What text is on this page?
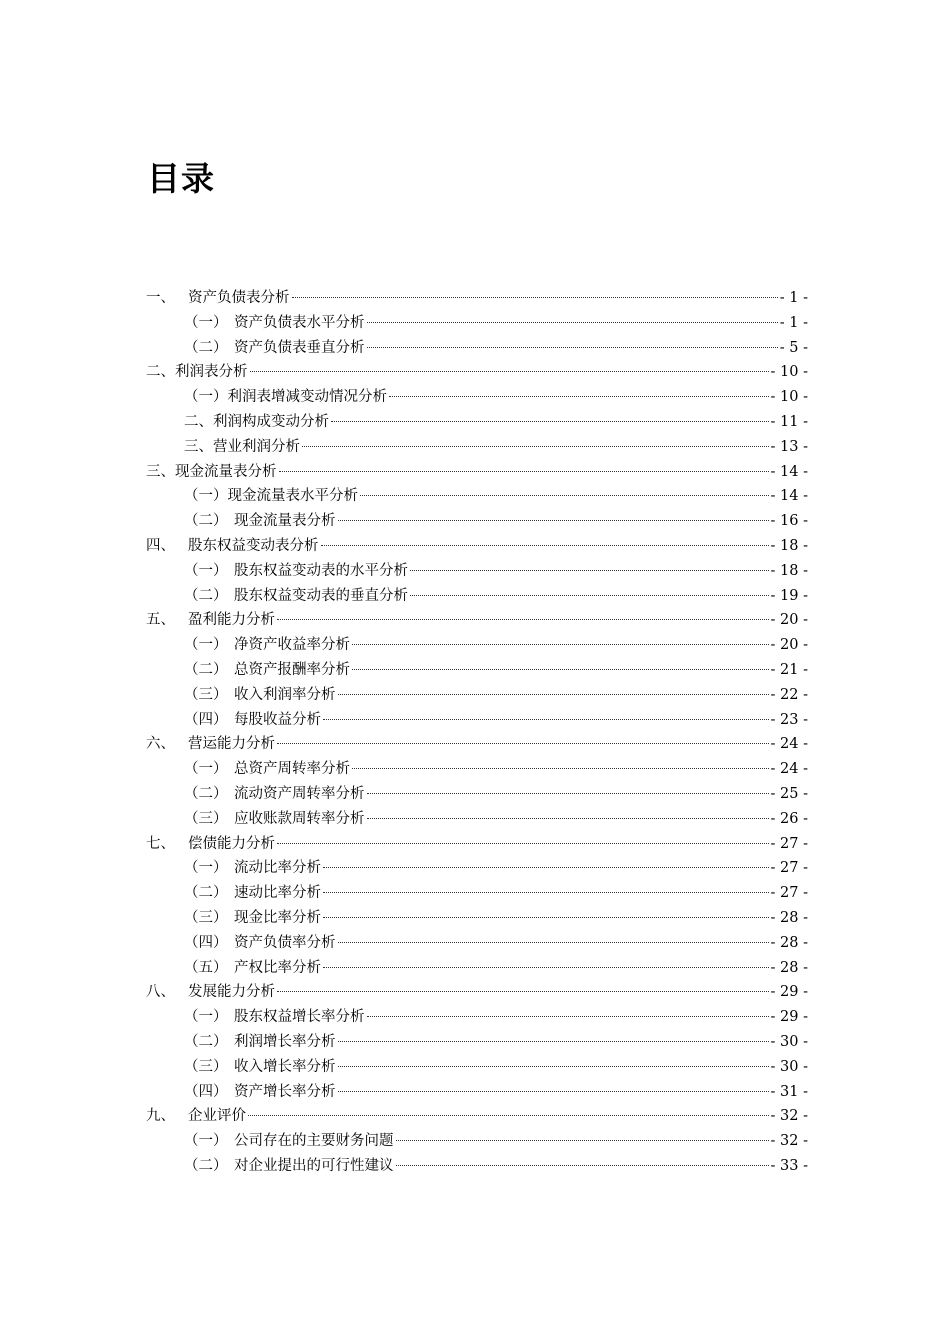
目录
一、 资产负债表分析	- 1 -
（一） 资产负债表水平分析	- 1 -
（二） 资产负债表垂直分析	- 5 -
二、 利润表分析	- 10 -
（一） 利润表增减变动情况分析	- 10 -
二、 利润构成变动分析	- 11 -
三、 营业利润分析	- 13 -
三、 现金流量表分析	- 14 -
（一） 现金流量表水平分析	- 14 -
（二） 现金流量表分析	- 16 -
四、 股东权益变动表分析	- 18 -
（一） 股东权益变动表的水平分析	- 18 -
（二） 股东权益变动表的垂直分析	- 19 -
五、 盈利能力分析	- 20 -
（一） 净资产收益率分析	- 20 -
（二） 总资产报酬率分析	- 21 -
（三） 收入利润率分析	- 22 -
（四） 每股收益分析	- 23 -
六、 营运能力分析	- 24 -
（一） 总资产周转率分析	- 24 -
（二） 流动资产周转率分析	- 25 -
（三） 应收账款周转率分析	- 26 -
七、 偿债能力分析	- 27 -
（一） 流动比率分析	- 27 -
（二） 速动比率分析	- 27 -
（三） 现金比率分析	- 28 -
（四） 资产负债率分析	- 28 -
（五） 产权比率分析	- 28 -
八、 发展能力分析	- 29 -
（一） 股东权益增长率分析	- 29 -
（二） 利润增长率分析	- 30 -
（三） 收入增长率分析	- 30 -
（四） 资产增长率分析	- 31 -
九、 企业评价	- 32 -
（一） 公司存在的主要财务问题	- 32 -
（二） 对企业提出的可行性建议	- 33 -
